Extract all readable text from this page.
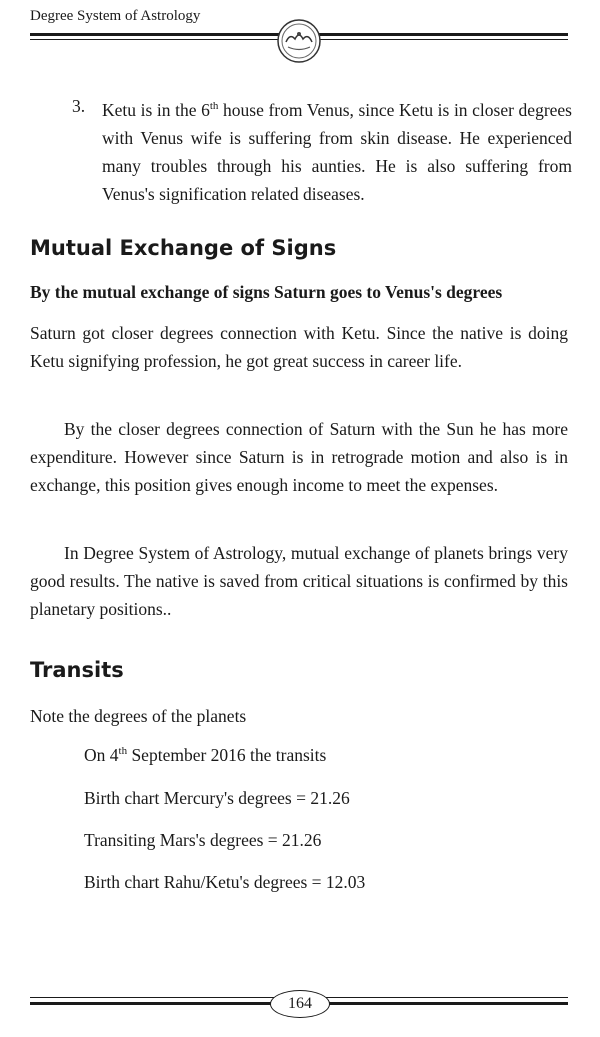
Degree System of Astrology
3. Ketu is in the 6th house from Venus, since Ketu is in closer degrees with Venus wife is suffering from skin disease. He experienced many troubles through his aunties. He is also suffering from Venus's signification related diseases.
Mutual Exchange of Signs
By the mutual exchange of signs Saturn goes to Venus's degrees
Saturn got closer degrees connection with Ketu. Since the native is doing Ketu signifying profession, he got great success in career life.
By the closer degrees connection of Saturn with the Sun he has more expenditure. However since Saturn is in retrograde motion and also is in exchange, this position gives enough income to meet the expenses.
In Degree System of Astrology, mutual exchange of planets brings very good results. The native is saved from critical situations is confirmed by this planetary positions..
Transits
Note the degrees of the planets
On 4th September 2016 the transits
Birth chart Mercury's degrees = 21.26
Transiting Mars's degrees = 21.26
Birth chart Rahu/Ketu's degrees = 12.03
164
